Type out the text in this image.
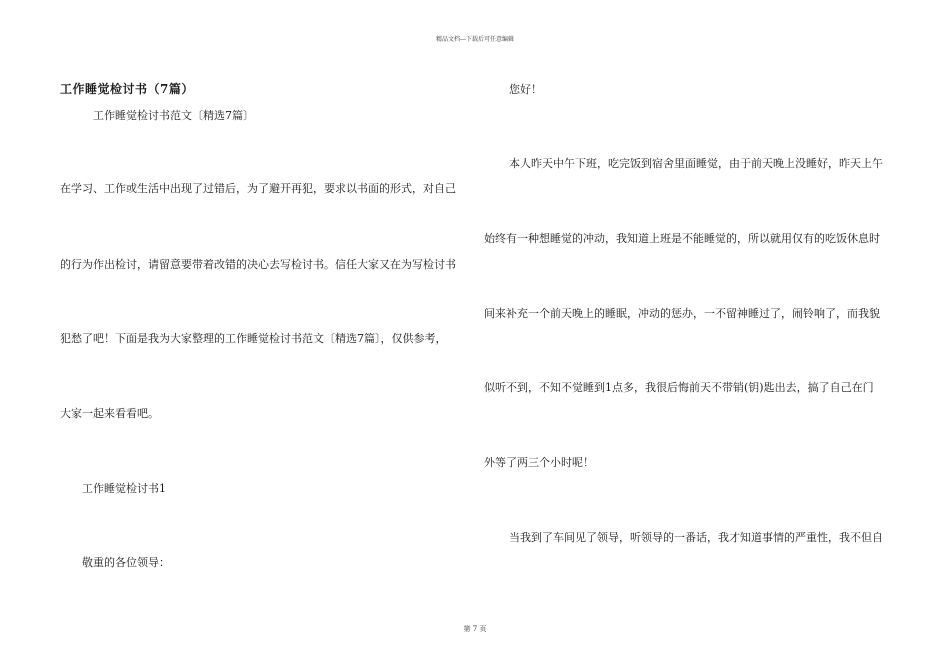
精品文档---下载后可任意编辑
工作睡觉检讨书（7篇）
工作睡觉检讨书范文〔精选7篇〕
在学习、工作或生活中出现了过错后，为了避开再犯，要求以书面的形式，对自己
的行为作出检讨，请留意要带着改错的决心去写检讨书。信任大家又在为写检讨书
犯愁了吧！下面是我为大家整理的工作睡觉检讨书范文〔精选7篇〕，仅供参考，
大家一起来看看吧。
工作睡觉检讨书1
敬重的各位领导：
您好！
本人昨天中午下班，吃完饭到宿舍里面睡觉，由于前天晚上没睡好，昨天上午
始终有一种想睡觉的冲动，我知道上班是不能睡觉的，所以就用仅有的吃饭休息时
间来补充一个前天晚上的睡眠，冲动的惩办，一不留神睡过了，闹铃响了，而我貌
似听不到，不知不觉睡到1点多，我很后悔前天不带销(钥)匙出去，搞了自己在门
外等了两三个小时呢！
当我到了车间见了领导，听领导的一番话，我才知道事情的严重性，我不但自
第 7 页
